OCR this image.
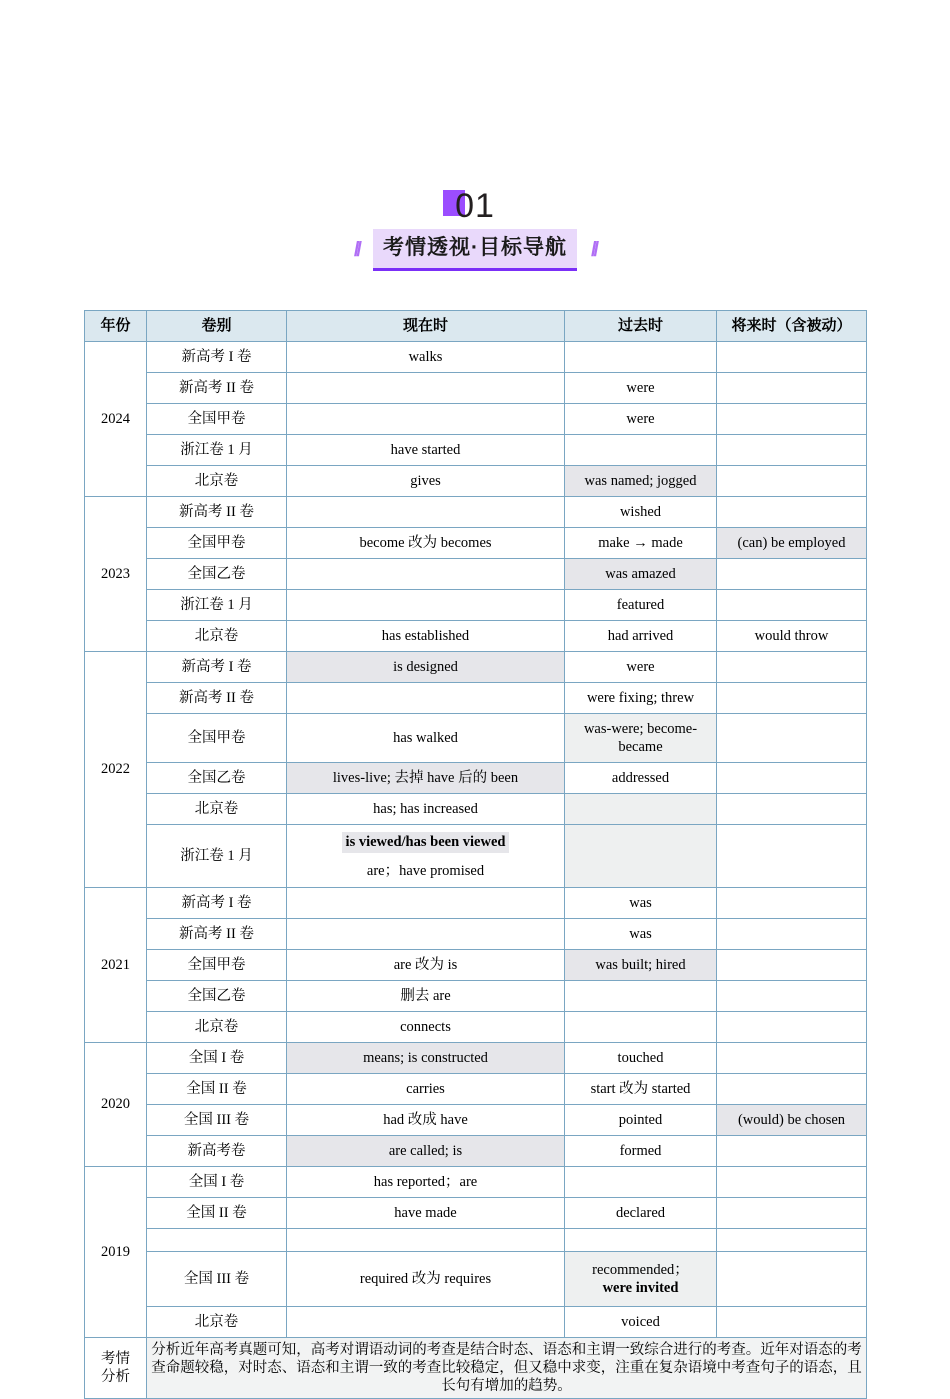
01
// 考情透视·目标导航 //
年份	卷别	现在时	过去时	将来时（含被动）
2024	新高考 I 卷	walks		
	新高考 II 卷		were	
	全国甲卷		were	
	浙江卷 1 月	have started		
	北京卷	gives	was named; jogged	
2023	新高考 II 卷		wished	
	全国甲卷	become 改为 becomes	make → made	(can) be employed
	全国乙卷		was amazed	
	浙江卷 1 月		featured	
	北京卷	has established	had arrived	would throw
2022	新高考 I 卷	is designed	were	
	新高考 II 卷		were fixing; threw	
	全国甲卷	has walked	was-were; become-became	
	全国乙卷	lives-live; 去掉 have 后的 been	addressed	
	北京卷	has; has increased		
	浙江卷 1 月	is viewed/has been viewed
are；have promised		

2021	新高考 I 卷		was	
	新高考 II 卷		was	
	全国甲卷	are 改为 is	was built; hired	
	全国乙卷	删去 are		
	北京卷	connects		
2020	全国 I 卷	means; is constructed	touched	
	全国 II 卷	carries	start 改为 started	
	全国 III 卷	had 改成 have	pointed	(would) be chosen
	新高考卷	are called; is	formed	
2019	全国 I 卷	has reported；are		
	全国 II 卷	have made	declared	

	全国 III 卷	required 改为 requires	recommended；
were invited	

	北京卷		voiced	

考情
分析	分析近年高考真题可知，高考对谓语动词的考查是结合时态、语态和主谓一致综合进行的考查。近年对语态的考查命题较稳，对时态、语态和主谓一致的考查比较稳定，但又稳中求变，注重在复杂语境中考查句子的语态，且长句有增加的趋势。			
